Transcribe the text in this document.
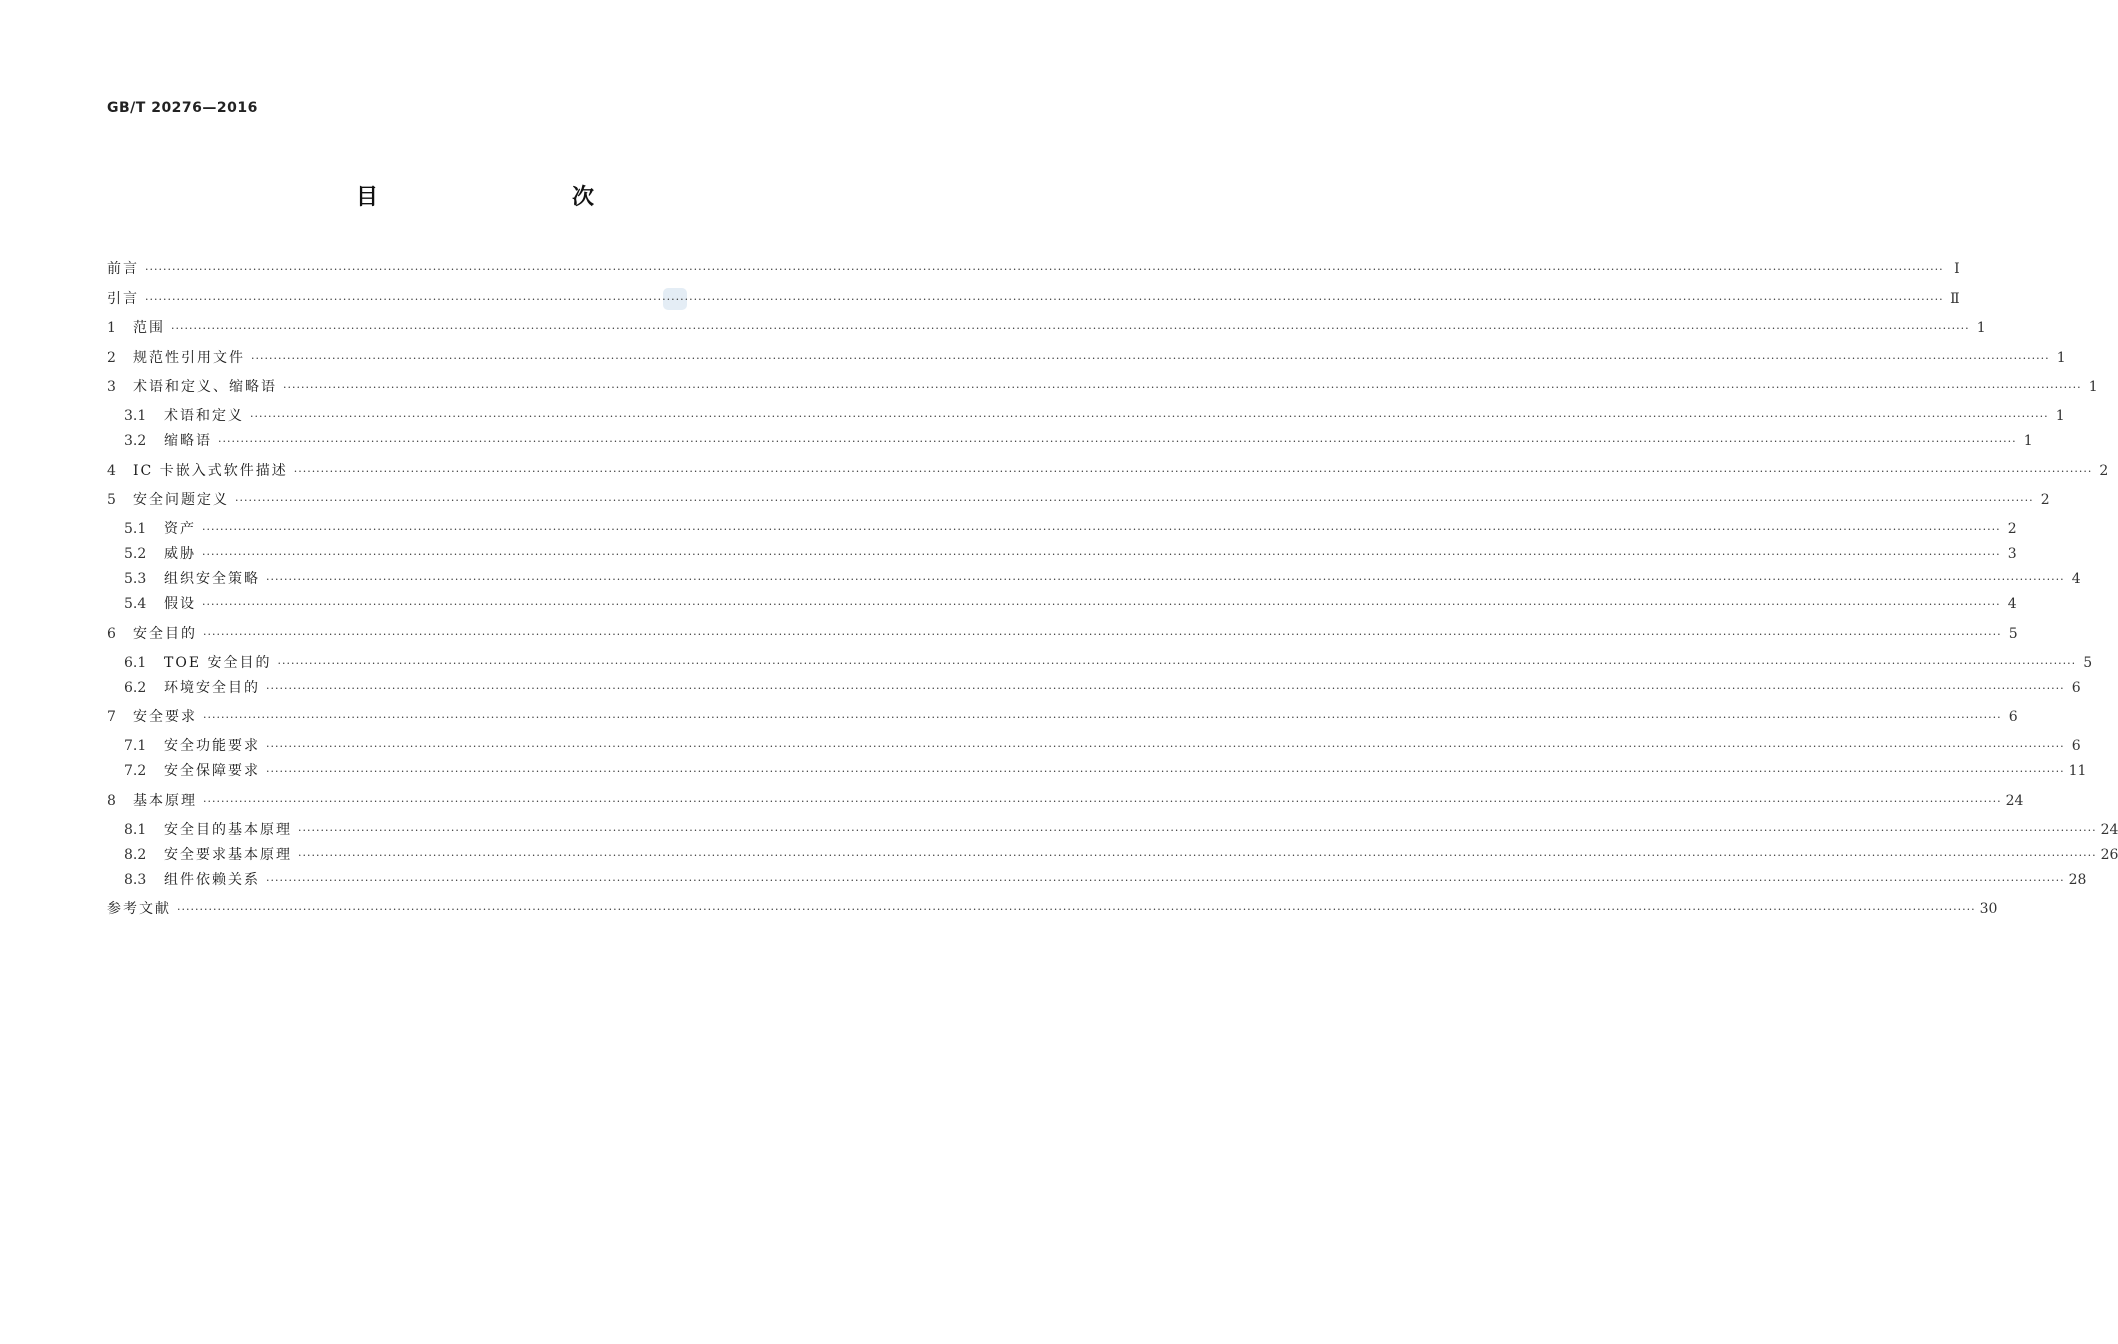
GB/T 20276—2016
目　　次
前言 ················································································································································································································································································································································································································ Ⅰ
引言 ················································································································································································································································································································································································································ Ⅱ
1	范围 ················································································································································································································································································································································································································ 1
2	规范性引用文件 ················································································································································································································································································································································································································ 1
3	术语和定义、缩略语 ················································································································································································································································································································································································································ 1
3.1	术语和定义 ················································································································································································································································································································································································································ 1
3.2	缩略语 ················································································································································································································································································································································································································ 1
4	IC 卡嵌入式软件描述 ················································································································································································································································································································································································································ 2
5	安全问题定义 ················································································································································································································································································································································································································ 2
5.1	资产 ················································································································································································································································································································································································································ 2
5.2	威胁 ················································································································································································································································································································································································································ 3
5.3	组织安全策略 ················································································································································································································································································································································································································ 4
5.4	假设 ················································································································································································································································································································································································································ 4
6	安全目的 ················································································································································································································································································································································································································ 5
6.1	TOE 安全目的 ················································································································································································································································································································································································································ 5
6.2	环境安全目的 ················································································································································································································································································································································································································ 6
7	安全要求 ················································································································································································································································································································································································································ 6
7.1	安全功能要求 ················································································································································································································································································································································································································ 6
7.2	安全保障要求 ················································································································································································································································································································································································································ 11
8	基本原理 ················································································································································································································································································································································································································ 24
8.1	安全目的基本原理 ················································································································································································································································································································································································································ 24
8.2	安全要求基本原理 ················································································································································································································································································································································································································ 26
8.3	组件依赖关系 ················································································································································································································································································································································································································ 28
参考文献 ················································································································································································································································································································································································································ 30
